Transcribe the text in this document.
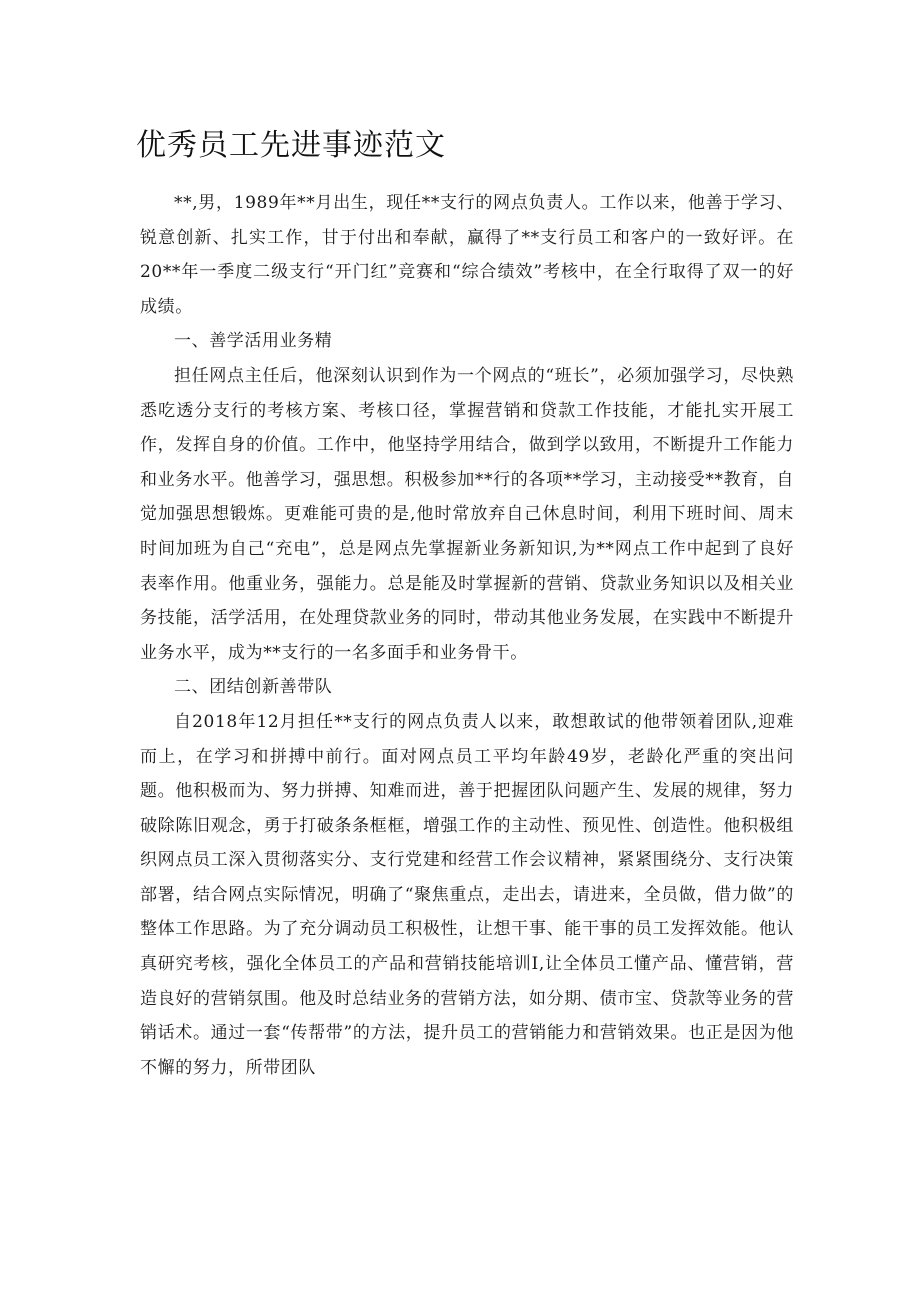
优秀员工先进事迹范文

**,男，1989年**月出生，现任**支行的网点负责人。工作以来，他善于学习、锐意创新、扎实工作，甘于付出和奉献，赢得了**支行员工和客户的一致好评。在20**年一季度二级支行“开门红”竞赛和“综合绩效”考核中，在全行取得了双一的好成绩。

一、善学活用业务精

担任网点主任后，他深刻认识到作为一个网点的“班长”，必须加强学习，尽快熟悉吃透分支行的考核方案、考核口径，掌握营销和贷款工作技能，才能扎实开展工作，发挥自身的价值。工作中，他坚持学用结合，做到学以致用，不断提升工作能力和业务水平。他善学习，强思想。积极参加**行的各项**学习，主动接受**教育，自觉加强思想锻炼。更难能可贵的是,他时常放弃自己休息时间，利用下班时间、周末时间加班为自己“充电”，总是网点先掌握新业务新知识,为**网点工作中起到了良好表率作用。他重业务，强能力。总是能及时掌握新的营销、贷款业务知识以及相关业务技能，活学活用，在处理贷款业务的同时，带动其他业务发展，在实践中不断提升业务水平，成为**支行的一名多面手和业务骨干。

二、团结创新善带队

自2018年12月担任**支行的网点负责人以来，敢想敢试的他带领着团队,迎难而上，在学习和拼搏中前行。面对网点员工平均年龄49岁，老龄化严重的突出问题。他积极而为、努力拼搏、知难而进，善于把握团队问题产生、发展的规律，努力破除陈旧观念，勇于打破条条框框，增强工作的主动性、预见性、创造性。他积极组织网点员工深入贯彻落实分、支行党建和经营工作会议精神，紧紧围绕分、支行决策部署，结合网点实际情况，明确了“聚焦重点，走出去，请进来，全员做，借力做”的整体工作思路。为了充分调动员工积极性，让想干事、能干事的员工发挥效能。他认真研究考核，强化全体员工的产品和营销技能培训I,让全体员工懂产品、懂营销，营造良好的营销氛围。他及时总结业务的营销方法，如分期、债市宝、贷款等业务的营销话术。通过一套“传帮带”的方法，提升员工的营销能力和营销效果。也正是因为他不懈的努力，所带团队
